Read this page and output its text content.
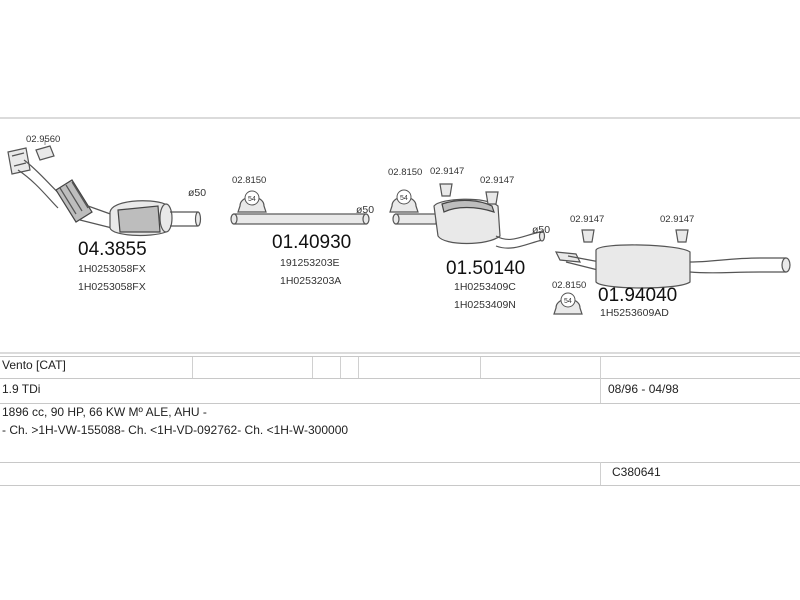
02.9560
ø50
04.3855
1H0253058FX
1H0253058FX
54
02.8150
ø50
01.40930
191253203E
1H0253203A
54
02.8150 02.9147
02.9147
ø50
01.50140
1H0253409C
1H0253409N	54
02.9147	02.9147
02.8150 01.94040
1H5253609AD
Vento [CAT]
1.9 TDi	08/96 - 04/98
1896 cc, 90 HP, 66 KW Mº ALE, AHU -
- Ch. >1H-VW-155088- Ch. <1H-VD-092762- Ch. <1H-W-300000
C380641
